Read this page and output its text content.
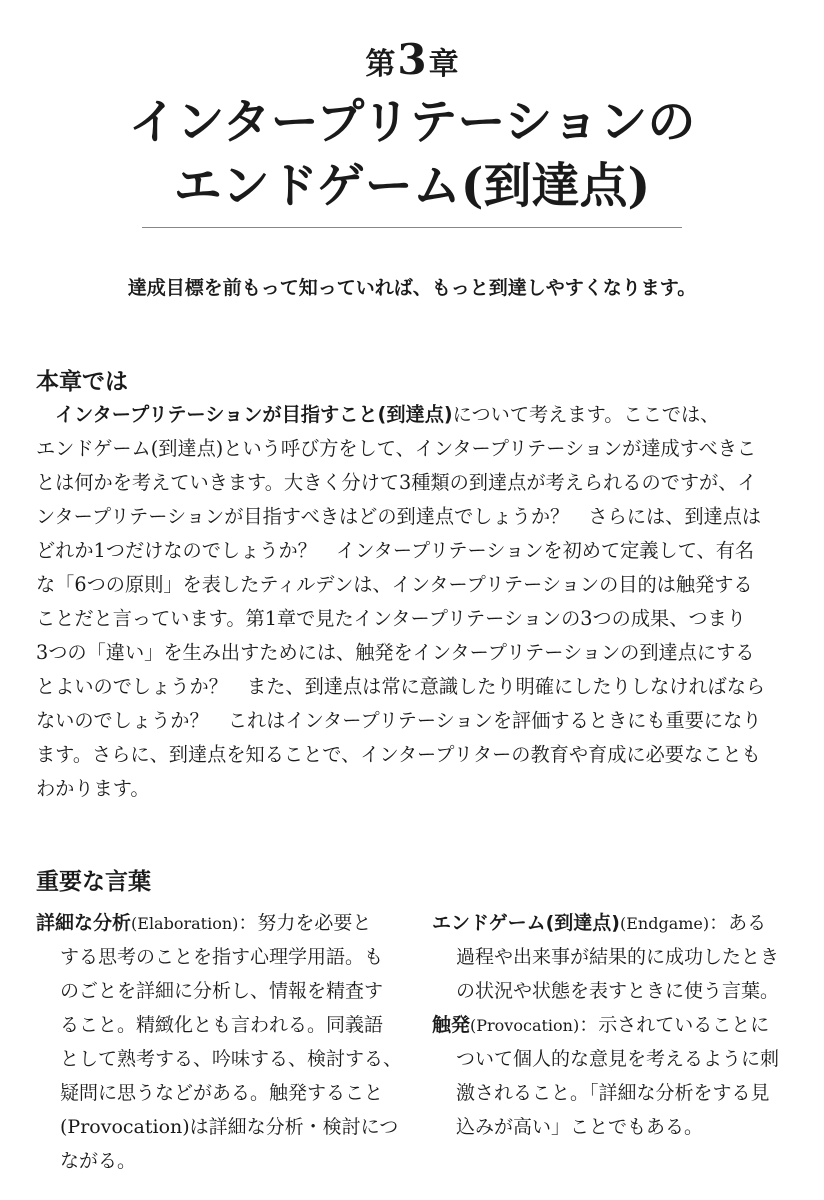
第3章
インタープリテーションの
エンドゲーム(到達点)
達成目標を前もって知っていれば、もっと到達しやすくなります。
本章では
インタープリテーションが目指すこと(到達点)について考えます。ここでは、
エンドゲーム(到達点)という呼び方をして、インタープリテーションが達成すべきこ
とは何かを考えていきます。大きく分けて3種類の到達点が考えられるのですが、イ
ンタープリテーションが目指すべきはどの到達点でしょうか？　さらには、到達点は
どれか1つだけなのでしょうか？　インタープリテーションを初めて定義して、有名
な「6つの原則」を表したティルデンは、インタープリテーションの目的は触発する
ことだと言っています。第1章で見たインタープリテーションの3つの成果、つまり
3つの「違い」を生み出すためには、触発をインタープリテーションの到達点にする
とよいのでしょうか？　また、到達点は常に意識したり明確にしたりしなければなら
ないのでしょうか？　これはインタープリテーションを評価するときにも重要になり
ます。さらに、到達点を知ることで、インタープリターの教育や育成に必要なことも
わかります。
重要な言葉
詳細な分析(Elaboration)：努力を必要と
する思考のことを指す心理学用語。も
のごとを詳細に分析し、情報を精査す
ること。精緻化とも言われる。同義語
として熟考する、吟味する、検討する、
疑問に思うなどがある。触発すること
(Provocation)は詳細な分析・検討につ
ながる。
エンドゲーム(到達点)(Endgame)：ある
過程や出来事が結果的に成功したとき
の状況や状態を表すときに使う言葉。
触発(Provocation)：示されていることに
ついて個人的な意見を考えるように刺
激されること。「詳細な分析をする見
込みが高い」ことでもある。
